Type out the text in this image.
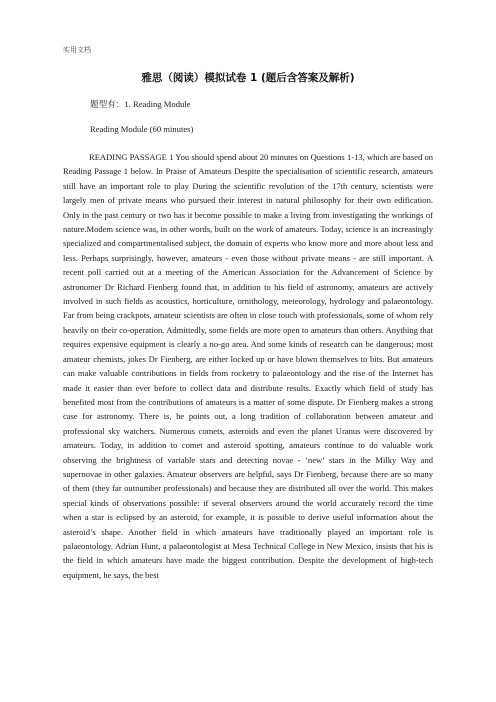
实用文档
雅思（阅读）模拟试卷 1 (题后含答案及解析)
题型有：1. Reading Module
Reading Module (60 minutes)

READING PASSAGE 1 You should spend about 20 minutes on Questions 1-13, which are based on Reading Passage 1 below. In Praise of Amateurs Despite the specialisation of scientific research, amateurs still have an important role to play During the scientific revolution of the 17th century, scientists were largely men of private means who pursued their interest in natural philosophy for their own edification. Only in the past century or two has it become possible to make a living from investigating the workings of nature.Modem science was, in other words, built on the work of amateurs. Today, science is an increasingly specialized and compartmentalised subject, the domain of experts who know more and more about less and less. Perhaps surprisingly, however, amateurs - even those without private means - are still important. A recent poll carried out at a meeting of the American Association for the Advancement of Science by astronomer Dr Richard Fienberg found that, in addition to his field of astronomy, amateurs are actively involved in such fields as acoustics, horticulture, ornithology, meteorology, hydrology and palaeontology. Far from being crackpots, amateur scientists are often in close touch with professionals, some of whom rely heavily on their co-operation. Admittedly, some fields are more open to amateurs than others. Anything that requires expensive equipment is clearly a no-go area. And some kinds of research can be dangerous; most amateur chemists, jokes Dr Fienberg, are either locked up or have blown themselves to bits. But amateurs can make valuable contributions in fields from rocketry to palaeontology and the rise of the Internet has made it easier than ever before to collect data and distribute results. Exactly which field of study has benefited most from the contributions of amateurs is a matter of some dispute. Dr Fienberg makes a strong case for astronomy. There is, he points out, a long tradition of collaboration between amateur and professional sky watchers. Numerous comets, asteroids and even the planet Uranus were discovered by amateurs. Today, in addition to comet and asteroid spotting, amateurs continue to do valuable work observing the brightness of variable stars and detecting novae - ‘new’ stars in the Milky Way and supernovae in other galaxies. Amateur observers are helpful, says Dr Fienberg, because there are so many of them (they far outnumber professionals) and because they are distributed all over the world. This makes special kinds of observations possible: if several observers around the world accurately record the time when a star is eclipsed by an asteroid, for example, it is possible to derive useful information about the asteroid’s shape. Another field in which amateurs have traditionally played an important role is palaeontology. Adrian Hunt, a palaeontologist at Mesa Technical College in New Mexico, insists that his is the field in which amateurs have made the biggest contribution. Despite the development of high-tech equipment, he says, the best
